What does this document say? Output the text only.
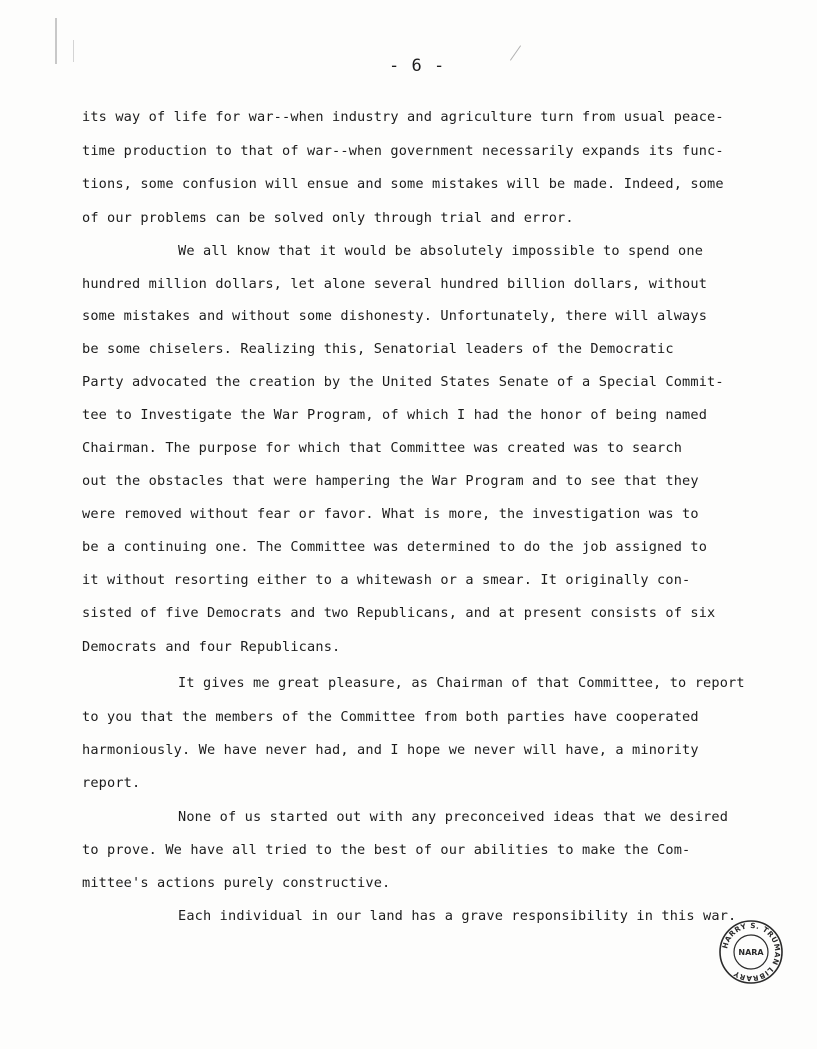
- 6 -
its way of life for war--when industry and agriculture turn from usual peace-
time production to that of war--when government necessarily expands its func-
tions, some confusion will ensue and some mistakes will be made. Indeed, some
of our problems can be solved only through trial and error.
We all know that it would be absolutely impossible to spend one
hundred million dollars, let alone several hundred billion dollars, without
some mistakes and without some dishonesty. Unfortunately, there will always
be some chiselers. Realizing this, Senatorial leaders of the Democratic
Party advocated the creation by the United States Senate of a Special Commit-
tee to Investigate the War Program, of which I had the honor of being named
Chairman. The purpose for which that Committee was created was to search
out the obstacles that were hampering the War Program and to see that they
were removed without fear or favor. What is more, the investigation was to
be a continuing one. The Committee was determined to do the job assigned to
it without resorting either to a whitewash or a smear. It originally con-
sisted of five Democrats and two Republicans, and at present consists of six
Democrats and four Republicans.
It gives me great pleasure, as Chairman of that Committee, to report
to you that the members of the Committee from both parties have cooperated
harmoniously. We have never had, and I hope we never will have, a minority
report.
None of us started out with any preconceived ideas that we desired
to prove. We have all tried to the best of our abilities to make the Com-
mittee's actions purely constructive.
Each individual in our land has a grave responsibility in this war.
HARRY S. TRUMAN LIBRARY
NARA
